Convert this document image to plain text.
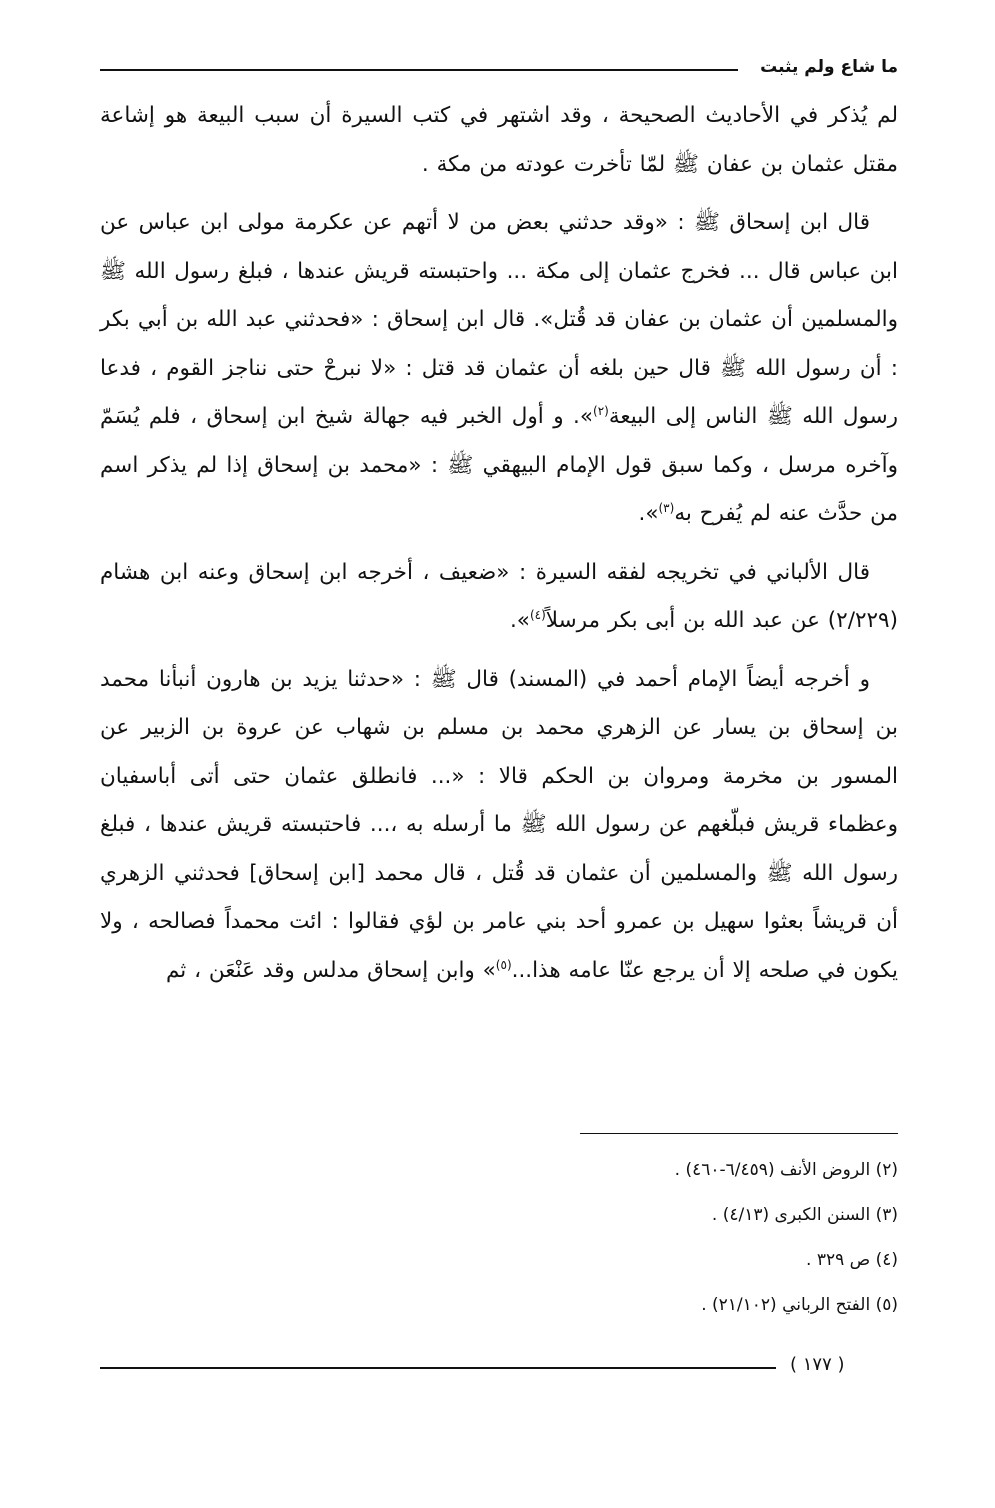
ما شاع ولم يثبت

لم يُذكر في الأحاديث الصحيحة ، وقد اشتهر في كتب السيرة أن سبب البيعة هو إشاعة مقتل عثمان بن عفان ﷺ لمّا تأخرت عودته من مكة .

قال ابن إسحاق ﷺ : «وقد حدثني بعض من لا أتهم عن عكرمة مولى ابن عباس عن ابن عباس قال ... فخرج عثمان إلى مكة ... واحتبسته قريش عندها ، فبلغ رسول الله ﷺ والمسلمين أن عثمان بن عفان قد قُتل». قال ابن إسحاق : «فحدثني عبد الله بن أبي بكر : أن رسول الله ﷺ قال حين بلغه أن عثمان قد قتل : «لا نبرحْ حتى نناجز القوم ، فدعا رسول الله ﷺ الناس إلى البيعة$^{(٢)}$». و أول الخبر فيه جهالة شيخ ابن إسحاق ، فلم يُسَمّ وآخره مرسل ، وكما سبق قول الإمام البيهقي ﷺ : «محمد بن إسحاق إذا لم يذكر اسم من حدَّث عنه لم يُفرح به$^{(٣)}$».

قال الألباني في تخريجه لفقه السيرة : «ضعيف ، أخرجه ابن إسحاق وعنه ابن هشام (٢/٢٢٩) عن عبد الله بن أبى بكر مرسلاً$^{(٤)}$».

و أخرجه أيضاً الإمام أحمد في (المسند) قال ﷺ : «حدثنا يزيد بن هارون أنبأنا محمد بن إسحاق بن يسار عن الزهري محمد بن مسلم بن شهاب عن عروة بن الزبير عن المسور بن مخرمة ومروان بن الحكم قالا : «... فانطلق عثمان حتى أتى أباسفيان وعظماء قريش فبلّغهم عن رسول الله ﷺ ما أرسله به ،... فاحتبسته قريش عندها ، فبلغ رسول الله ﷺ والمسلمين أن عثمان قد قُتل ، قال محمد [ابن إسحاق] فحدثني الزهري أن قريشاً بعثوا سهيل بن عمرو أحد بني عامر بن لؤي فقالوا : ائت محمداً فصالحه ، ولا يكون في صلحه إلا أن يرجع عنّا عامه هذا...$^{(٥)}$» وابن إسحاق مدلس وقد عَنْعَن ، ثم

(٢) الروض الأنف (٦/٤٥٩-٤٦٠) .
(٣) السنن الكبرى (٤/١٣) .
(٤) ص ٣٢٩ .
(٥) الفتح الرباني (٢١/١٠٢) .
( ١٧٧ )
